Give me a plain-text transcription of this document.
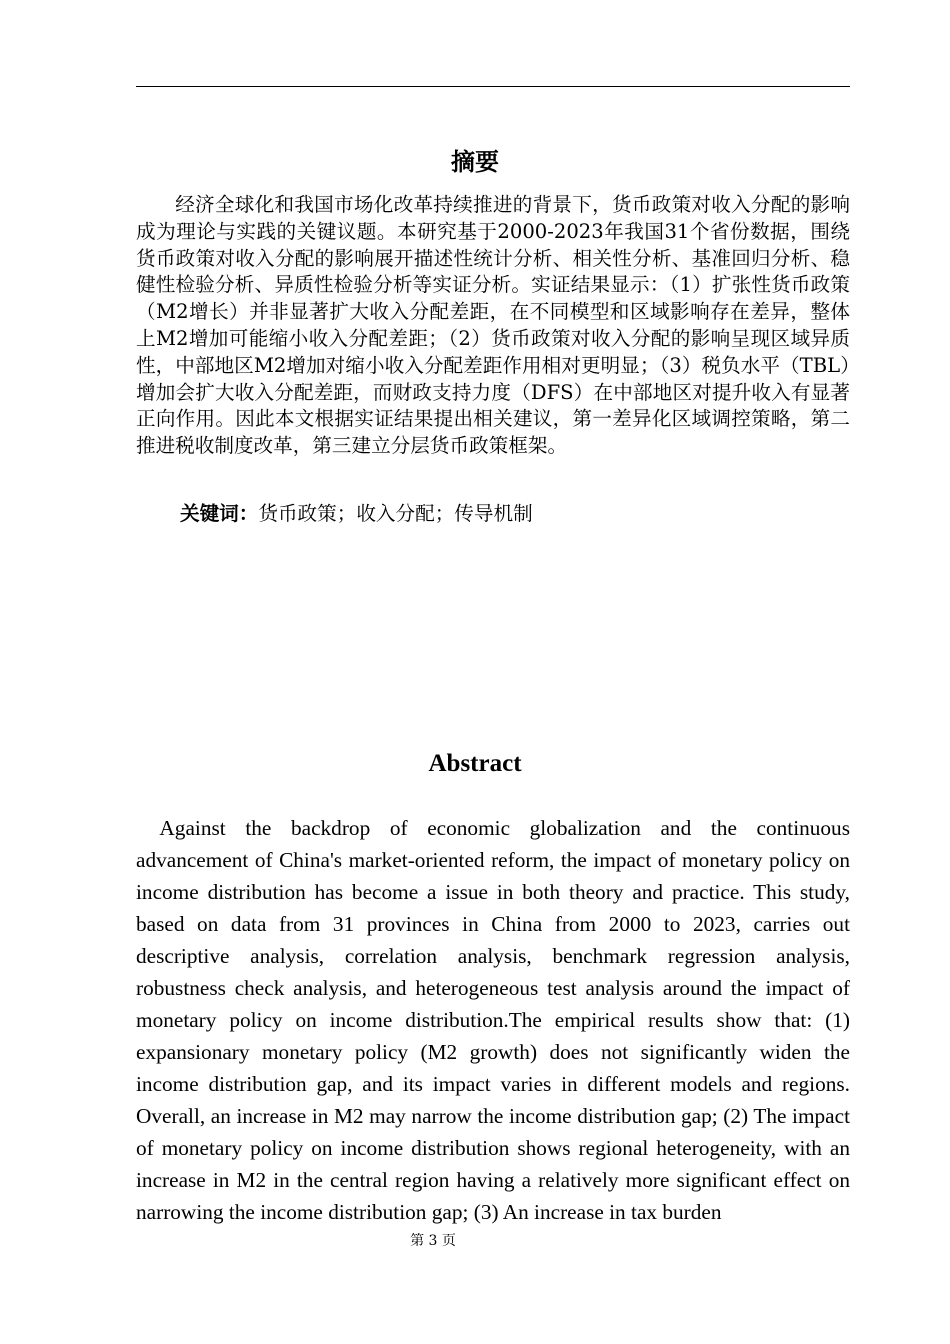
摘要

经济全球化和我国市场化改革持续推进的背景下，货币政策对收入分配的影响成为理论与实践的关键议题。本研究基于2000-2023年我国31个省份数据，围绕货币政策对收入分配的影响展开描述性统计分析、相关性分析、基准回归分析、稳健性检验分析、异质性检验分析等实证分析。实证结果显示：（1）扩张性货币政策（M2增长）并非显著扩大收入分配差距，在不同模型和区域影响存在差异，整体上M2增加可能缩小收入分配差距；（2）货币政策对收入分配的影响呈现区域异质性，中部地区M2增加对缩小收入分配差距作用相对更明显；（3）税负水平（TBL）增加会扩大收入分配差距，而财政支持力度（DFS）在中部地区对提升收入有显著正向作用。因此本文根据实证结果提出相关建议，第一差异化区域调控策略，第二推进税收制度改革，第三建立分层货币政策框架。

关键词：货币政策；收入分配；传导机制

Abstract

Against the backdrop of economic globalization and the continuous advancement of China's market-oriented reform, the impact of monetary policy on income distribution has become a issue in both theory and practice. This study, based on data from 31 provinces in China from 2000 to 2023, carries out descriptive analysis, correlation analysis, benchmark regression analysis, robustness check analysis, and heterogeneous test analysis around the impact of monetary policy on income distribution.The empirical results show that: (1) expansionary monetary policy (M2 growth) does not significantly widen the income distribution gap, and its impact varies in different models and regions. Overall, an increase in M2 may narrow the income distribution gap; (2) The impact of monetary policy on income distribution shows regional heterogeneity, with an increase in M2 in the central region having a relatively more significant effect on narrowing the income distribution gap; (3) An increase in tax burden

第 3 页
